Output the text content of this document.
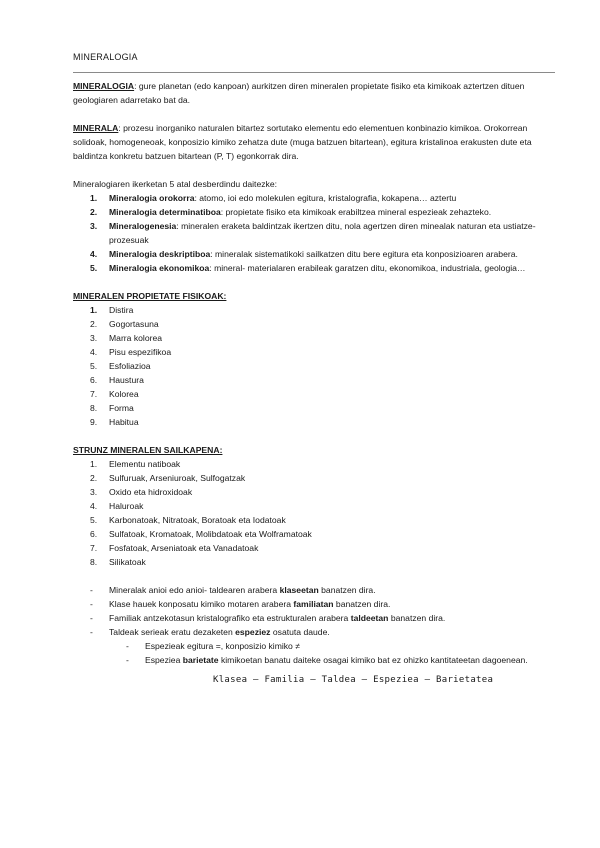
MINERALOGIA

MINERALOGIA: gure planetan (edo kanpoan) aurkitzen diren mineralen propietate fisiko eta kimikoak aztertzen dituen geologiaren adarretako bat da.

MINERALA: prozesu inorganiko naturalen bitartez sortutako elementu edo elementuen konbinazio kimikoa. Orokorrean solidoak, homogeneoak, konposizio kimiko zehatza dute (muga batzuen bitartean), egitura kristalinoa erakusten dute eta baldintza konkretu batzuen bitartean (P, T) egonkorrak dira.

Mineralogiaren ikerketan 5 atal desberdindu daitezke:

1. Mineralogia orokorra: atomo, ioi edo molekulen egitura, kristalografia, kokapena… aztertu
2. Mineralogia determinatiboa: propietate fisiko eta kimikoak erabiltzea mineral espezieak zehazteko.
3. Mineralogenesia: mineralen eraketa baldintzak ikertzen ditu, nola agertzen diren minealak naturan eta ustiatze- prozesuak
4. Mineralogia deskriptiboa: mineralak sistematikoki sailkatzen ditu bere egitura eta konposizioaren arabera.
5. Mineralogia ekonomikoa: mineral- materialaren erabileak garatzen ditu, ekonomikoa, industriala, geologia…

MINERALEN PROPIETATE FISIKOAK:

1. Distira
2. Gogortasuna
3. Marra kolorea
4. Pisu espezifikoa
5. Esfoliazioa
6. Haustura
7. Kolorea
8. Forma
9. Habitua

STRUNZ MINERALEN SAILKAPENA:

1. Elementu natiboak
2. Sulfuruak, Arseniuroak, Sulfogatzak
3. Oxido eta hidroxidoak
4. Haluroak
5. Karbonatoak, Nitratoak, Boratoak eta Iodatoak
6. Sulfatoak, Kromatoak, Molibdatoak eta Wolframatoak
7. Fosfatoak, Arseniatoak eta Vanadatoak
8. Silikatoak
- Mineralak anioi edo anioi- taldearen arabera klaseetan banatzen dira.
- Klase hauek konposatu kimiko motaren arabera familiatan banatzen dira.
- Familiak antzekotasun kristalografiko eta estrukturalen arabera taldeetan banatzen dira.
- Taldeak serieak eratu dezaketen espeziez osatuta daude.
- Espezieak egitura =, konposizio kimiko ≠
- Espeziea barietate kimikoetan banatu daiteke osagai kimiko bat ez ohizko kantitateetan dagoenean.

Klasea – Familia – Taldea – Espeziea – Barietatea
